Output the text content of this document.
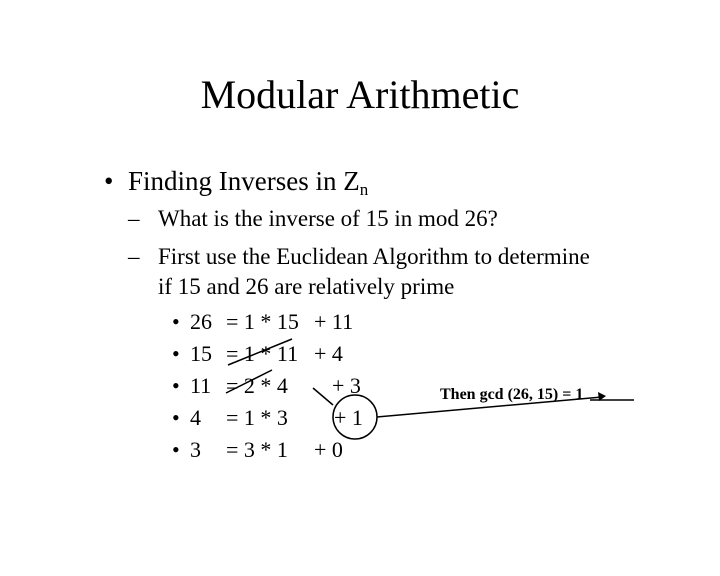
Modular Arithmetic
• Finding Inverses in $Z_n$
– What is the inverse of 15 in mod 26?
– First use the Euclidean Algorithm to determine
if 15 and 26 are relatively prime

•

26

= 1 * 15

+ 11

•

15

= 1 * 11

+ 4

•

11

= 2 * 4

+ 3

•

4

= 1 * 3

+ 1

•

3

= 3 * 1

+ 0

Then gcd (26, 15) = 1
